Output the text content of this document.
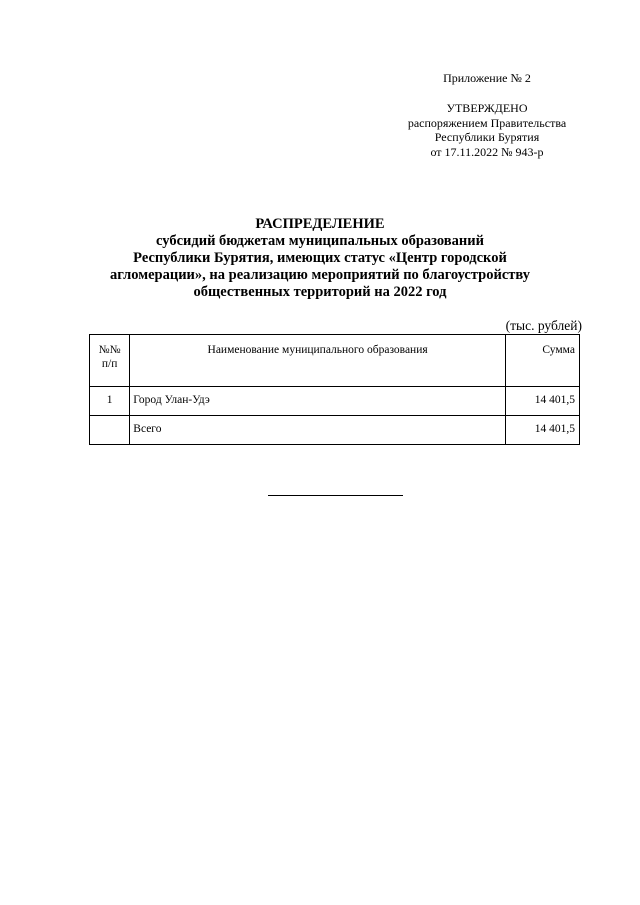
Приложение № 2
УТВЕРЖДЕНО
распоряжением Правительства
Республики Бурятия
от 17.11.2022 № 943-р
РАСПРЕДЕЛЕНИЕ
субсидий бюджетам муниципальных образований
Республики Бурятия, имеющих статус «Центр городской
агломерации», на реализацию мероприятий по благоустройству
общественных территорий на 2022 год
(тыс. рублей)
№№
п/п	Наименование муниципального образования	Сумма
1	Город Улан-Удэ	14 401,5
	Всего	14 401,5
